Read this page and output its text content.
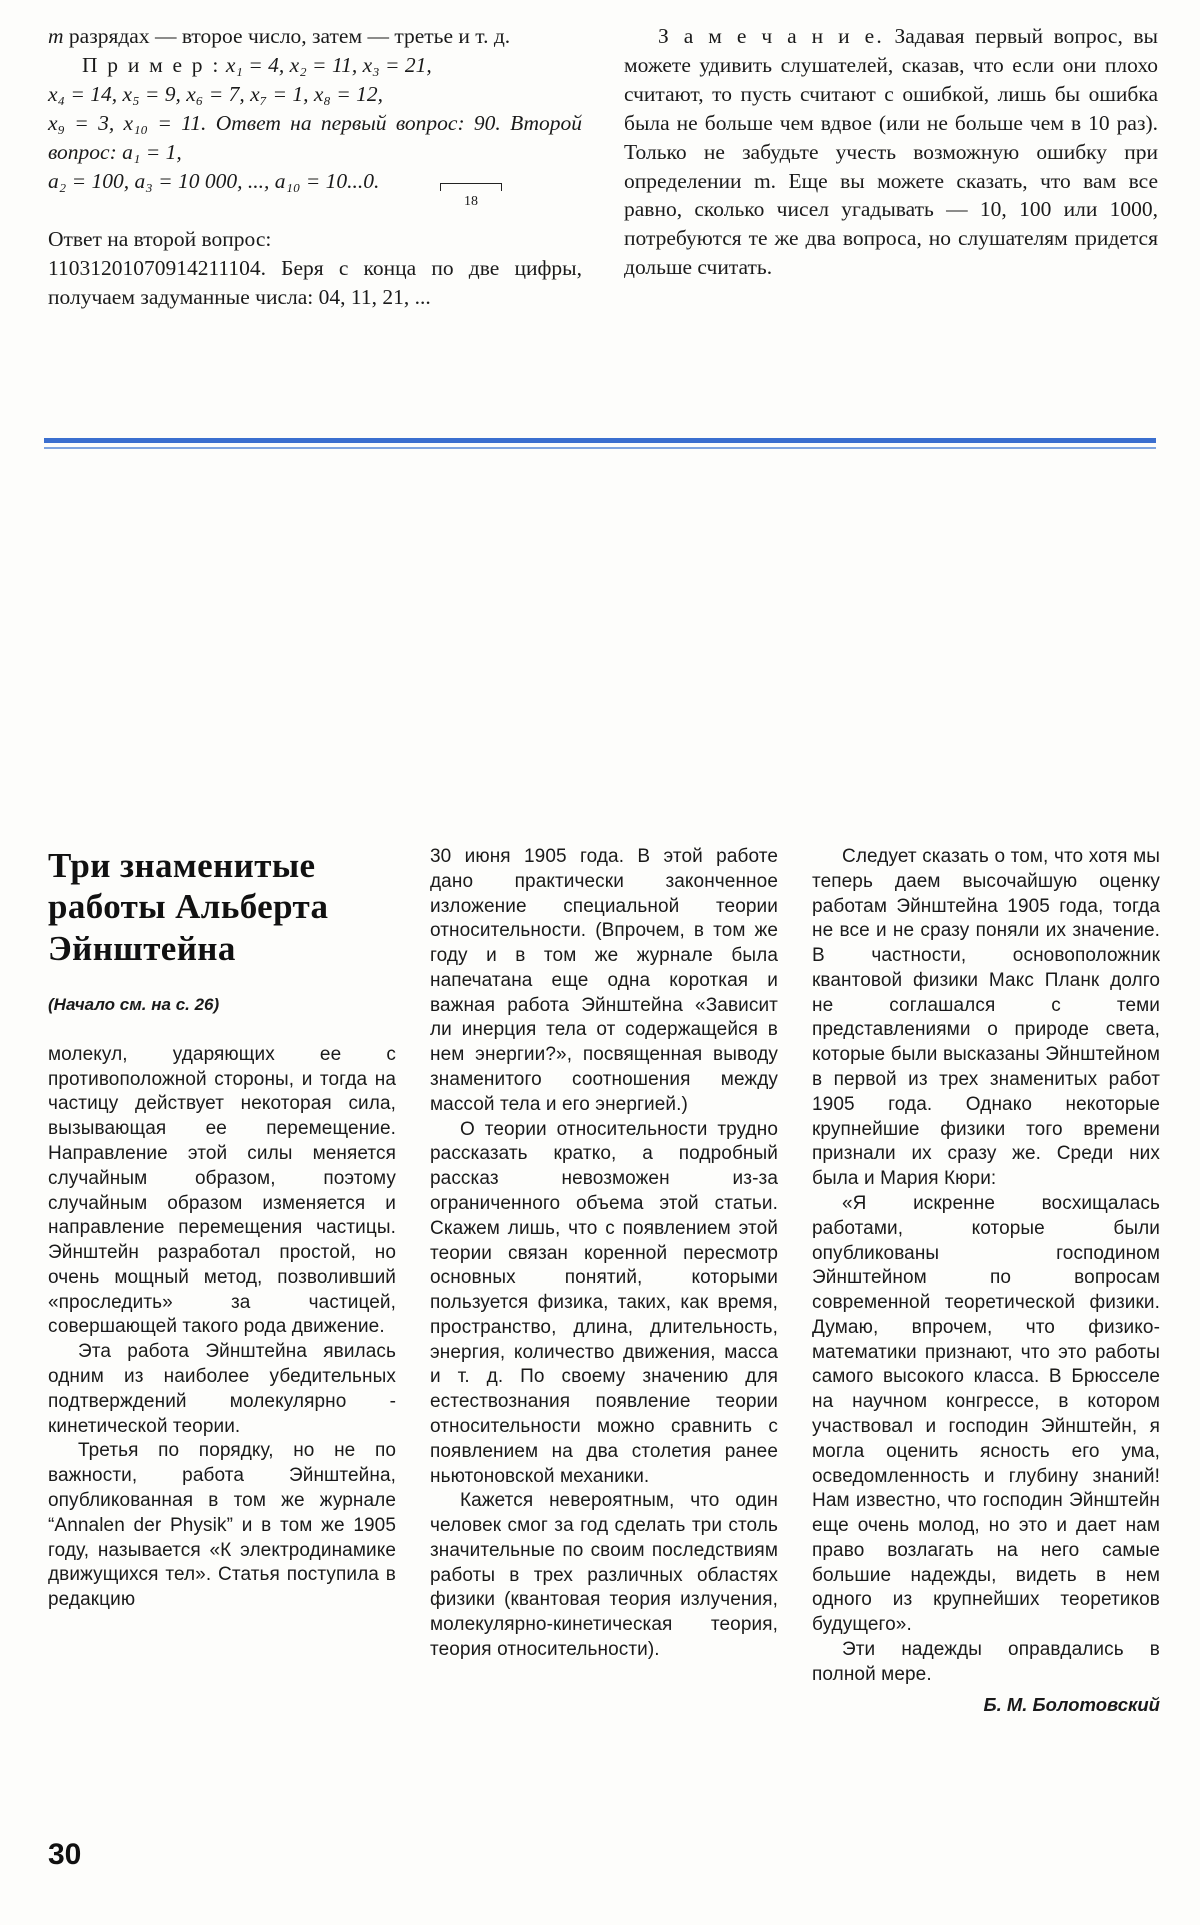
m разрядах — второе число, затем — третье и т. д.

П р и м е р : x₁ = 4, x₂ = 11, x₃ = 21,

x₄ = 14, x₅ = 9, x₆ = 7, x₇ = 1, x₈ = 12,

x₉ = 3, x₁₀ = 11. Ответ на первый вопрос: 90. Второй вопрос: a₁ = 1,

a₂ = 100, a₃ = 10 000, ..., a₁₀ = 10...0.
18

Ответ на второй вопрос:

11031201070914211104. Беря с конца по две цифры, получаем задуманные числа: 04, 11, 21, ...

З а м е ч а н и е. Задавая первый вопрос, вы можете удивить слушателей, сказав, что если они плохо считают, то пусть считают с ошибкой, лишь бы ошибка была не больше чем вдвое (или не больше чем в 10 раз). Только не забудьте учесть возможную ошибку при определении m. Еще вы можете сказать, что вам все равно, сколько чисел угадывать — 10, 100 или 1000, потребуются те же два вопроса, но слушателям придется дольше считать.

Три знаменитые работы Альберта Эйнштейна
(Начало см. на с. 26)

молекул, ударяющих ее с противоположной стороны, и тогда на частицу действует некоторая сила, вызывающая ее перемещение. Направление этой силы меняется случайным образом, поэтому случайным образом изменяется и направление перемещения частицы. Эйнштейн разработал простой, но очень мощный метод, позволивший «проследить» за частицей, совершающей такого рода движение.

Эта работа Эйнштейна явилась одним из наиболее убедительных подтверждений молекулярно - кинетической теории.

Третья по порядку, но не по важности, работа Эйнштейна, опубликованная в том же журнале “Annalen der Physik” и в том же 1905 году, называется «К электродинамике движущихся тел». Статья поступила в редакцию

30 июня 1905 года. В этой работе дано практически законченное изложение специальной теории относительности. (Впрочем, в том же году и в том же журнале была напечатана еще одна короткая и важная работа Эйнштейна «Зависит ли инерция тела от содержащейся в нем энергии?», посвященная выводу знаменитого соотношения между массой тела и его энергией.)

О теории относительности трудно рассказать кратко, а подробный рассказ невозможен из-за ограниченного объема этой статьи. Скажем лишь, что с появлением этой теории связан коренной пересмотр основных понятий, которыми пользуется физика, таких, как время, пространство, длина, длительность, энергия, количество движения, масса и т. д. По своему значению для естествознания появление теории относительности можно сравнить с появлением на два столетия ранее ньютоновской механики.

Кажется невероятным, что один человек смог за год сделать три столь значительные по своим последствиям работы в трех различных областях физики (квантовая теория излучения, молекулярно-кинетическая теория, теория относительности).

Следует сказать о том, что хотя мы теперь даем высочайшую оценку работам Эйнштейна 1905 года, тогда не все и не сразу поняли их значение. В частности, основоположник квантовой физики Макс Планк долго не соглашался с теми представлениями о природе света, которые были высказаны Эйнштейном в первой из трех знаменитых работ 1905 года. Однако некоторые крупнейшие физики того времени признали их сразу же. Среди них была и Мария Кюри:

«Я искренне восхищалась работами, которые были опубликованы господином Эйнштейном по вопросам современной теоретической физики. Думаю, впрочем, что физико-математики признают, что это работы самого высокого класса. В Брюсселе на научном конгрессе, в котором участвовал и господин Эйнштейн, я могла оценить ясность его ума, осведомленность и глубину знаний! Нам известно, что господин Эйнштейн еще очень молод, но это и дает нам право возлагать на него самые большие надежды, видеть в нем одного из крупнейших теоретиков будущего».

Эти надежды оправдались в полной мере.

Б. М. Болотовский
30
